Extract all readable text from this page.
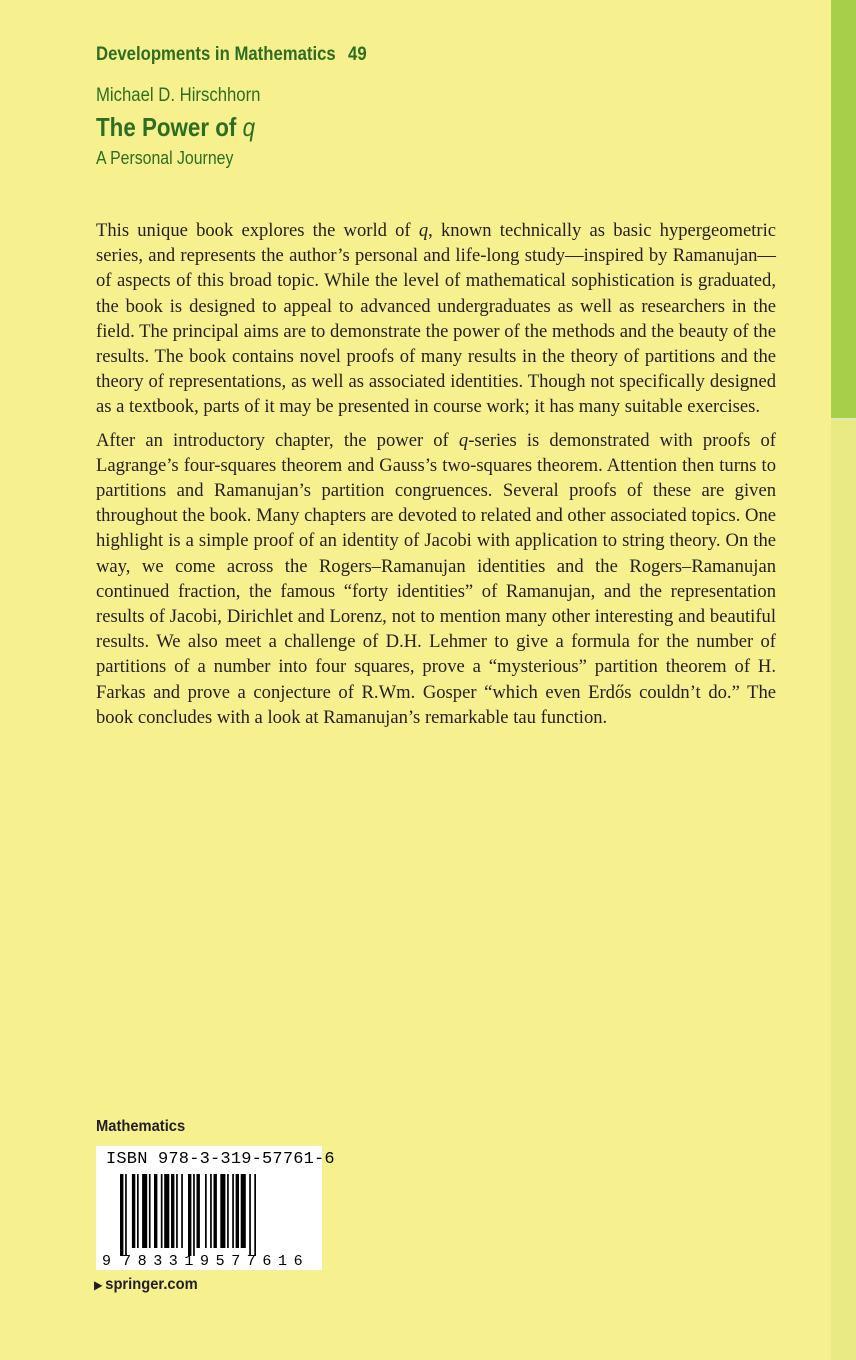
Developments in Mathematics 49
Michael D. Hirschhorn
The Power of q
A Personal Journey

This unique book explores the world of q, known technically as basic hypergeometric series, and represents the author’s personal and life-long study—inspired by Ramanujan—of aspects of this broad topic. While the level of mathematical sophistication is graduated, the book is designed to appeal to advanced undergraduates as well as researchers in the field. The principal aims are to demonstrate the power of the methods and the beauty of the results. The book contains novel proofs of many results in the theory of partitions and the theory of representations, as well as associated identities. Though not specifically designed as a textbook, parts of it may be presented in course work; it has many suitable exercises.

After an introductory chapter, the power of q-series is demonstrated with proofs of Lagrange’s four-squares theorem and Gauss’s two-squares theorem. Attention then turns to partitions and Ramanujan’s partition congruences. Several proofs of these are given throughout the book. Many chapters are devoted to related and other associated topics. One highlight is a simple proof of an identity of Jacobi with application to string theory. On the way, we come across the Rogers–Ramanujan identities and the Rogers–Ramanujan continued fraction, the famous “forty identities” of Ramanujan, and the representation results of Jacobi, Dirichlet and Lorenz, not to mention many other interesting and beautiful results. We also meet a challenge of D.H. Lehmer to give a formula for the number of partitions of a number into four squares, prove a “mysterious” partition theorem of H. Farkas and prove a conjecture of R.Wm. Gosper “which even Erdős couldn’t do.” The book concludes with a look at Ramanujan’s remarkable tau function.

Mathematics
ISBN 978-3-319-57761-6
9 7 8 3 3 1 9 5 7 7 6 1 6
▶ springer.com
